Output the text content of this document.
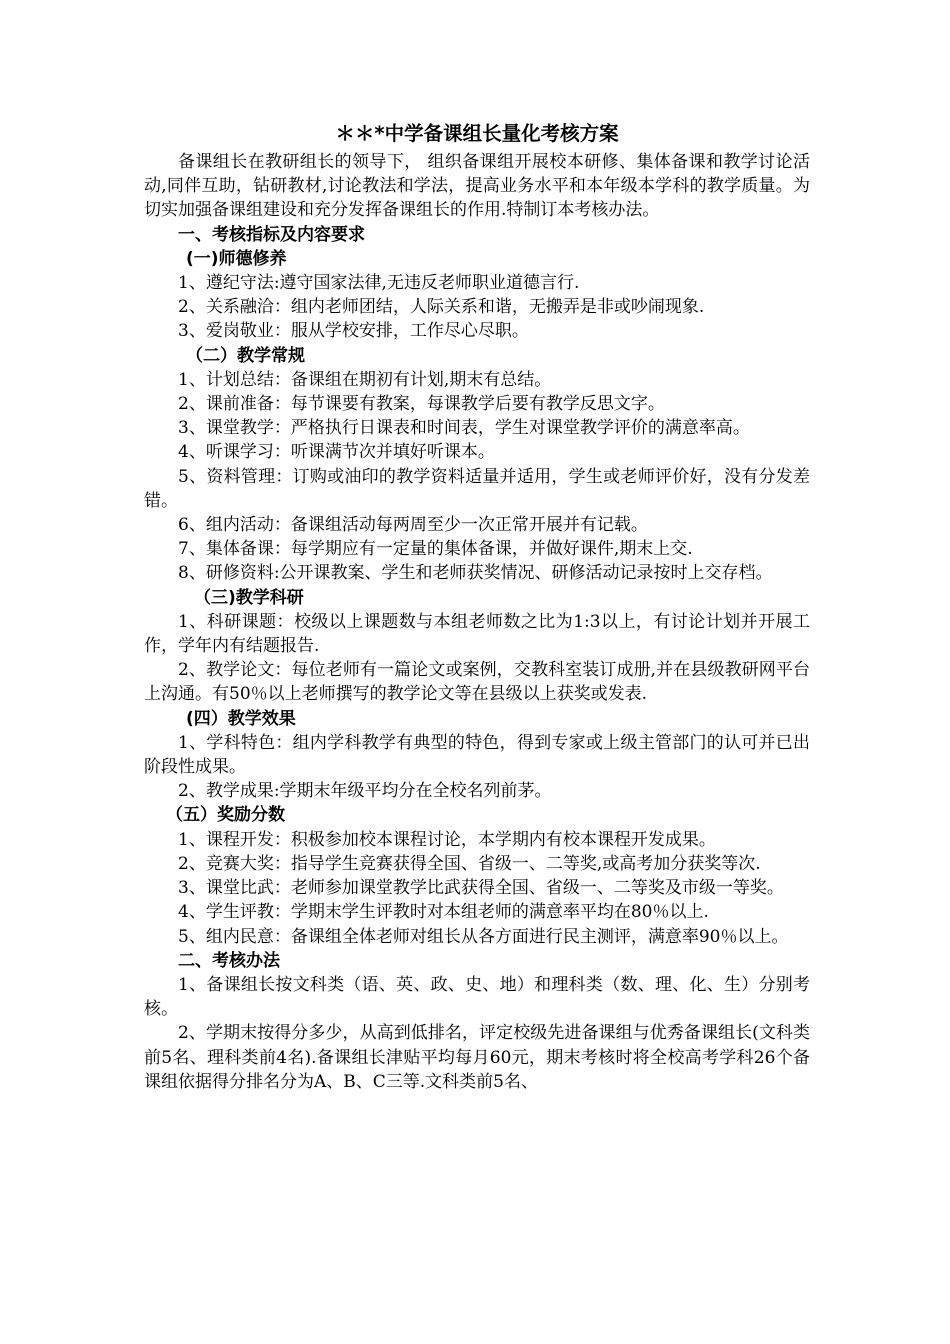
＊＊*中学备课组长量化考核方案

备课组长在教研组长的领导下， 组织备课组开展校本研修、集体备课和教学讨论活动,同伴互助，钻研教材,讨论教法和学法，提高业务水平和本年级本学科的教学质量。为切实加强备课组建设和充分发挥备课组长的作用.特制订本考核办法。

一、考核指标及内容要求

(一)师德修养

1、遵纪守法:遵守国家法律,无违反老师职业道德言行.

2、关系融洽：组内老师团结，人际关系和谐，无搬弄是非或吵闹现象.

3、爱岗敬业：服从学校安排，工作尽心尽职。

（二）教学常规

1、计划总结：备课组在期初有计划,期末有总结。

2、课前准备：每节课要有教案，每课教学后要有教学反思文字。

3、课堂教学：严格执行日课表和时间表，学生对课堂教学评价的满意率高。

4、听课学习：听课满节次并填好听课本。

5、资料管理：订购或油印的教学资料适量并适用，学生或老师评价好，没有分发差错。

6、组内活动：备课组活动每两周至少一次正常开展并有记载。

7、集体备课：每学期应有一定量的集体备课，并做好课件,期末上交.

8、研修资料:公开课教案、学生和老师获奖情况、研修活动记录按时上交存档。

（三)教学科研

1、科研课题：校级以上课题数与本组老师数之比为1:3以上，有讨论计划并开展工作，学年内有结题报告.

2、教学论文：每位老师有一篇论文或案例，交教科室装订成册,并在县级教研网平台上沟通。有50％以上老师撰写的教学论文等在县级以上获奖或发表.

(四）教学效果

1、学科特色：组内学科教学有典型的特色，得到专家或上级主管部门的认可并已出阶段性成果。

2、教学成果:学期末年级平均分在全校名列前茅。

（五）奖励分数

1、课程开发：积极参加校本课程讨论，本学期内有校本课程开发成果。

2、竞赛大奖：指导学生竞赛获得全国、省级一、二等奖,或高考加分获奖等次.

3、课堂比武：老师参加课堂教学比武获得全国、省级一、二等奖及市级一等奖。

4、学生评教：学期末学生评教时对本组老师的满意率平均在80％以上.

5、组内民意：备课组全体老师对组长从各方面进行民主测评，满意率90％以上。

二、考核办法

1、备课组长按文科类（语、英、政、史、地）和理科类（数、理、化、生）分别考核。

2、学期末按得分多少，从高到低排名，评定校级先进备课组与优秀备课组长(文科类前5名、理科类前4名).备课组长津贴平均每月60元，期末考核时将全校高考学科26个备课组依据得分排名分为A、B、C三等.文科类前5名、
